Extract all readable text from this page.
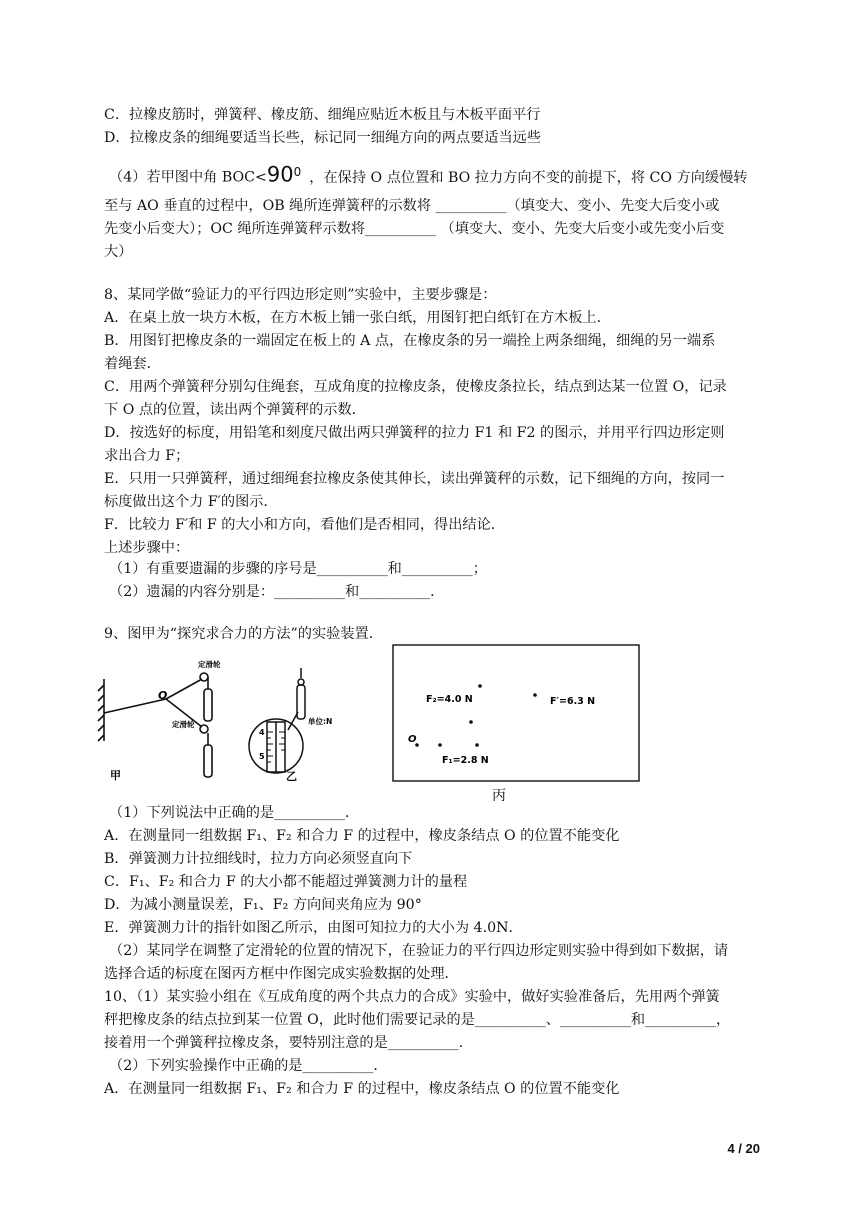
C．拉橡皮筋时，弹簧秤、橡皮筋、细绳应贴近木板且与木板平面平行
D．拉橡皮条的细绳要适当长些，标记同一细绳方向的两点要适当远些
（4）若甲图中角 $BOC<90^0$ ，在保持 O 点位置和 BO 拉力方向不变的前提下，将 CO 方向缓慢转
至与 AO 垂直的过程中，OB 绳所连弹簧秤的示数将 __________（填变大、变小、先变大后变小或
先变小后变大）；OC 绳所连弹簧秤示数将__________ （填变大、变小、先变大后变小或先变小后变
大）
8、某同学做“验证力的平行四边形定则”实验中，主要步骤是：
A．在桌上放一块方木板，在方木板上铺一张白纸，用图钉把白纸钉在方木板上．
B．用图钉把橡皮条的一端固定在板上的 A 点，在橡皮条的另一端拴上两条细绳，细绳的另一端系
着绳套．
C．用两个弹簧秤分别勾住绳套，互成角度的拉橡皮条，使橡皮条拉长，结点到达某一位置 O，记录
下 O 点的位置，读出两个弹簧秤的示数．
D．按选好的标度，用铅笔和刻度尺做出两只弹簧秤的拉力 F1 和 F2 的图示，并用平行四边形定则
求出合力 F；
E．只用一只弹簧秤，通过细绳套拉橡皮条使其伸长，读出弹簧秤的示数，记下细绳的方向，按同一
标度做出这个力 F′的图示．
F．比较力 F′和 F 的大小和方向，看他们是否相同，得出结论．
上述步骤中：
（1）有重要遗漏的步骤的序号是__________和__________；
（2）遗漏的内容分别是：__________和__________．
9、图甲为“探究求合力的方法”的实验装置．
O
定滑轮
定滑轮
甲
4
5
单位:N
乙
F₂=4.0 N	F′=6.3 N
O
F₁=2.8 N
丙
（1）下列说法中正确的是__________．
A．在测量同一组数据 F₁、F₂ 和合力 F 的过程中，橡皮条结点 O 的位置不能变化
B．弹簧测力计拉细线时，拉力方向必须竖直向下
C．F₁、F₂ 和合力 F 的大小都不能超过弹簧测力计的量程
D．为减小测量误差，F₁、F₂ 方向间夹角应为 90°
E．弹簧测力计的指针如图乙所示，由图可知拉力的大小为 4.0N．
（2）某同学在调整了定滑轮的位置的情况下，在验证力的平行四边形定则实验中得到如下数据，请
选择合适的标度在图丙方框中作图完成实验数据的处理．
10、（1）某实验小组在《互成角度的两个共点力的合成》实验中，做好实验准备后，先用两个弹簧
秤把橡皮条的结点拉到某一位置 O，此时他们需要记录的是__________、__________和__________，
接着用一个弹簧秤拉橡皮条，要特别注意的是__________．
（2）下列实验操作中正确的是__________．
A．在测量同一组数据 F₁、F₂ 和合力 F 的过程中，橡皮条结点 O 的位置不能变化
4 / 20
